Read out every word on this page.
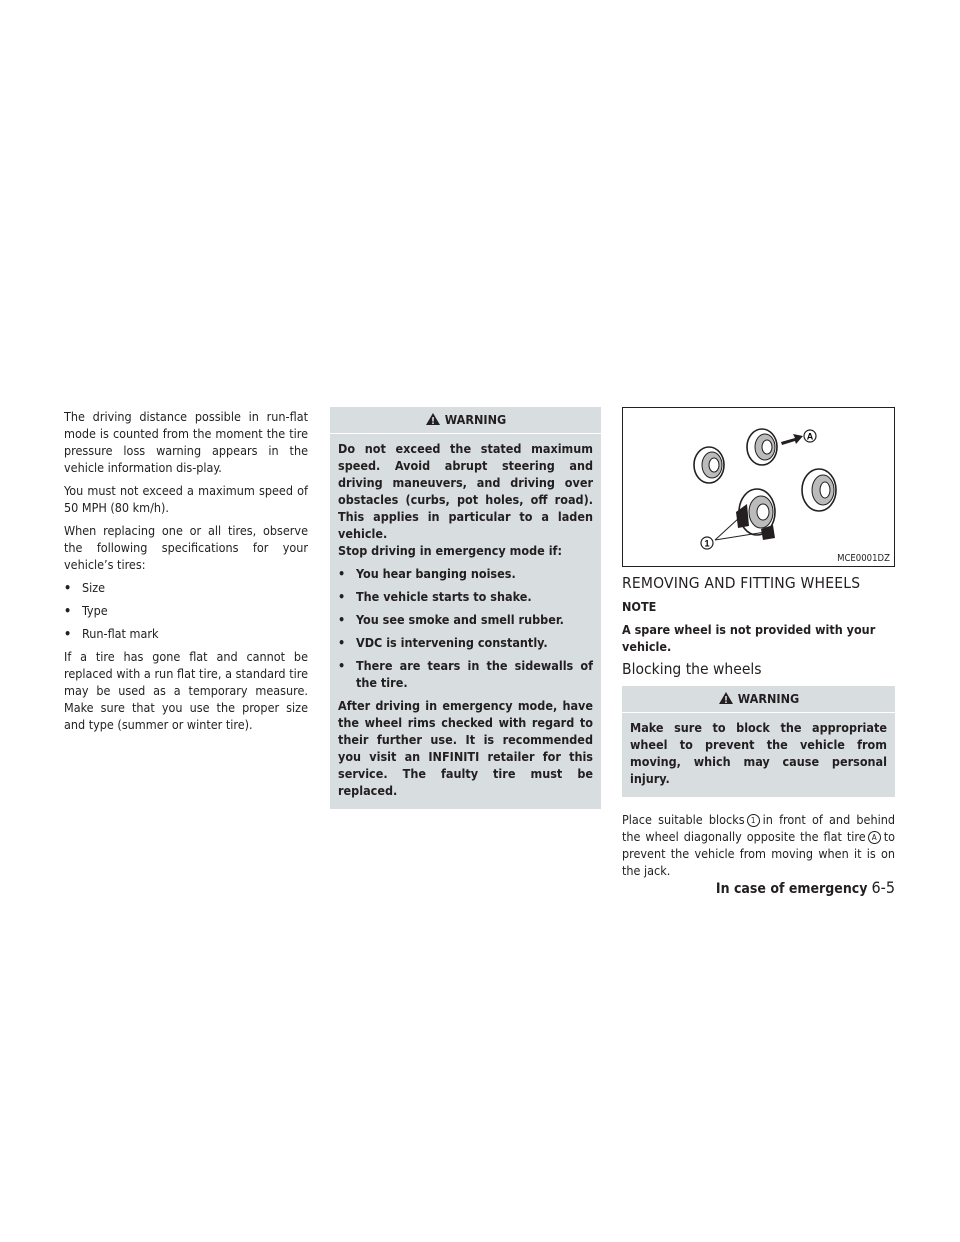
The driving distance possible in run-flat mode is counted from the moment the tire pressure loss warning appears in the vehicle information dis-play.

You must not exceed a maximum speed of 50 MPH (80 km/h).

When replacing one or all tires, observe the following specifications for your vehicle’s tires:

• Size
• Type
• Run-flat mark

If a tire has gone flat and cannot be replaced with a run flat tire, a standard tire may be used as a temporary measure. Make sure that you use the proper size and type (summer or winter tire).

WARNING

Do not exceed the stated maximum speed. Avoid abrupt steering and driving maneuvers, and driving over obstacles (curbs, pot holes, off road). This applies in particular to a laden vehicle.

Stop driving in emergency mode if:

• You hear banging noises.
• The vehicle starts to shake.
• You see smoke and smell rubber.
• VDC is intervening constantly.
• There are tears in the sidewalls of the tire.

After driving in emergency mode, have the wheel rims checked with regard to their further use. It is recommended you visit an INFINITI retailer for this service. The faulty tire must be replaced.

A
1
MCE0001DZ
REMOVING AND FITTING WHEELS

NOTE

A spare wheel is not provided with your vehicle.

Blocking the wheels
WARNING

Make sure to block the appropriate wheel to prevent the vehicle from moving, which may cause personal injury.

Place suitable blocks 1 in front of and behind the wheel diagonally opposite the flat tire A to prevent the vehicle from moving when it is on the jack.

In case of emergency 6-5
